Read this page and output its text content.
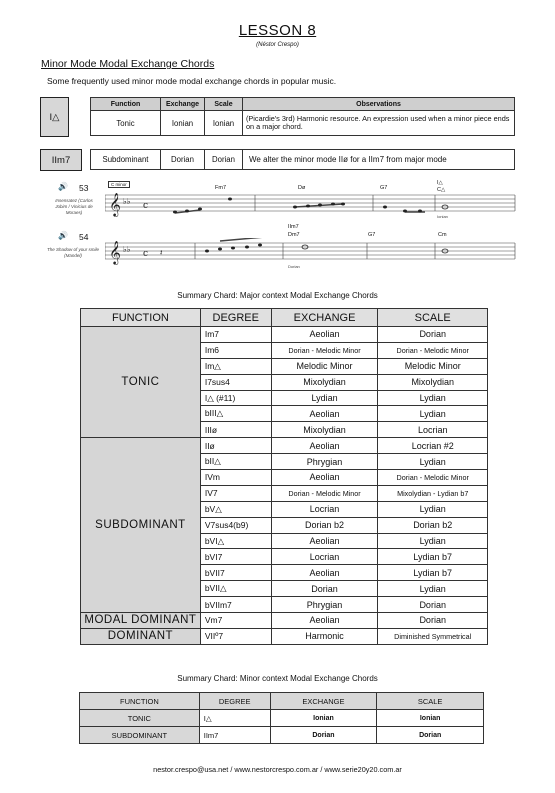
LESSON 8
(Néstor Crespo)
Minor Mode Modal Exchange Chords
Some frequently used minor mode modal exchange chords in popular music.
I△
Function	Exchange	Scale	Observations
Tonic	Ionian	Ionian	(Picardie's 3rd) Harmonic resource. An expression used when a minor piece ends on a major chord.
IIm7	Subdominant	Dorian	Dorian	We alter the minor mode IIø for a IIm7 from major mode
🔊 53
Insensatez (Carlos Jobim / Vinicius de Moraes)
C minor
Fm7	Dø	G7
I△
C△
Ionian
𝄞 ♭♭ c
🔊 54
The Shadow of your smile (Mandel)
IIm7
Dm7	G7	Cm
Dorian
𝄞 ♭♭ c 𝄽
Summary Chard: Major context Modal Exchange Chords
FUNCTION	DEGREE	EXCHANGE	SCALE
TONIC	Im7	Aeolian	Dorian
	Im6	Dorian - Melodic Minor	Dorian - Melodic Minor
	Im△	Melodic Minor	Melodic Minor
	I7sus4	Mixolydian	Mixolydian
	I△ (#11)	Lydian	Lydian
	bIII△	Aeolian	Lydian
	IIIø	Mixolydian	Locrian
SUBDOMINANT	IIø	Aeolian	Locrian #2
	bII△	Phrygian	Lydian
	IVm	Aeolian	Dorian - Melodic Minor
	IV7	Dorian - Melodic Minor	Mixolydian - Lydian b7
	bV△	Locrian	Lydian
	V7sus4(b9)	Dorian b2	Dorian b2
	bVI△	Aeolian	Lydian
	bVI7	Locrian	Lydian b7
	bVII7	Aeolian	Lydian b7
	bVII△	Dorian	Lydian
	bVIIm7	Phrygian	Dorian
MODAL DOMINANT	Vm7	Aeolian	Dorian
DOMINANT	VIIº7	Harmonic	Diminished Symmetrical
Summary Chard: Minor context Modal Exchange Chords
FUNCTION	DEGREE	EXCHANGE	SCALE
TONIC	I△	Ionian	Ionian
SUBDOMINANT	IIm7	Dorian	Dorian
nestor.crespo@usa.net / www.nestorcrespo.com.ar / www.serie20y20.com.ar
